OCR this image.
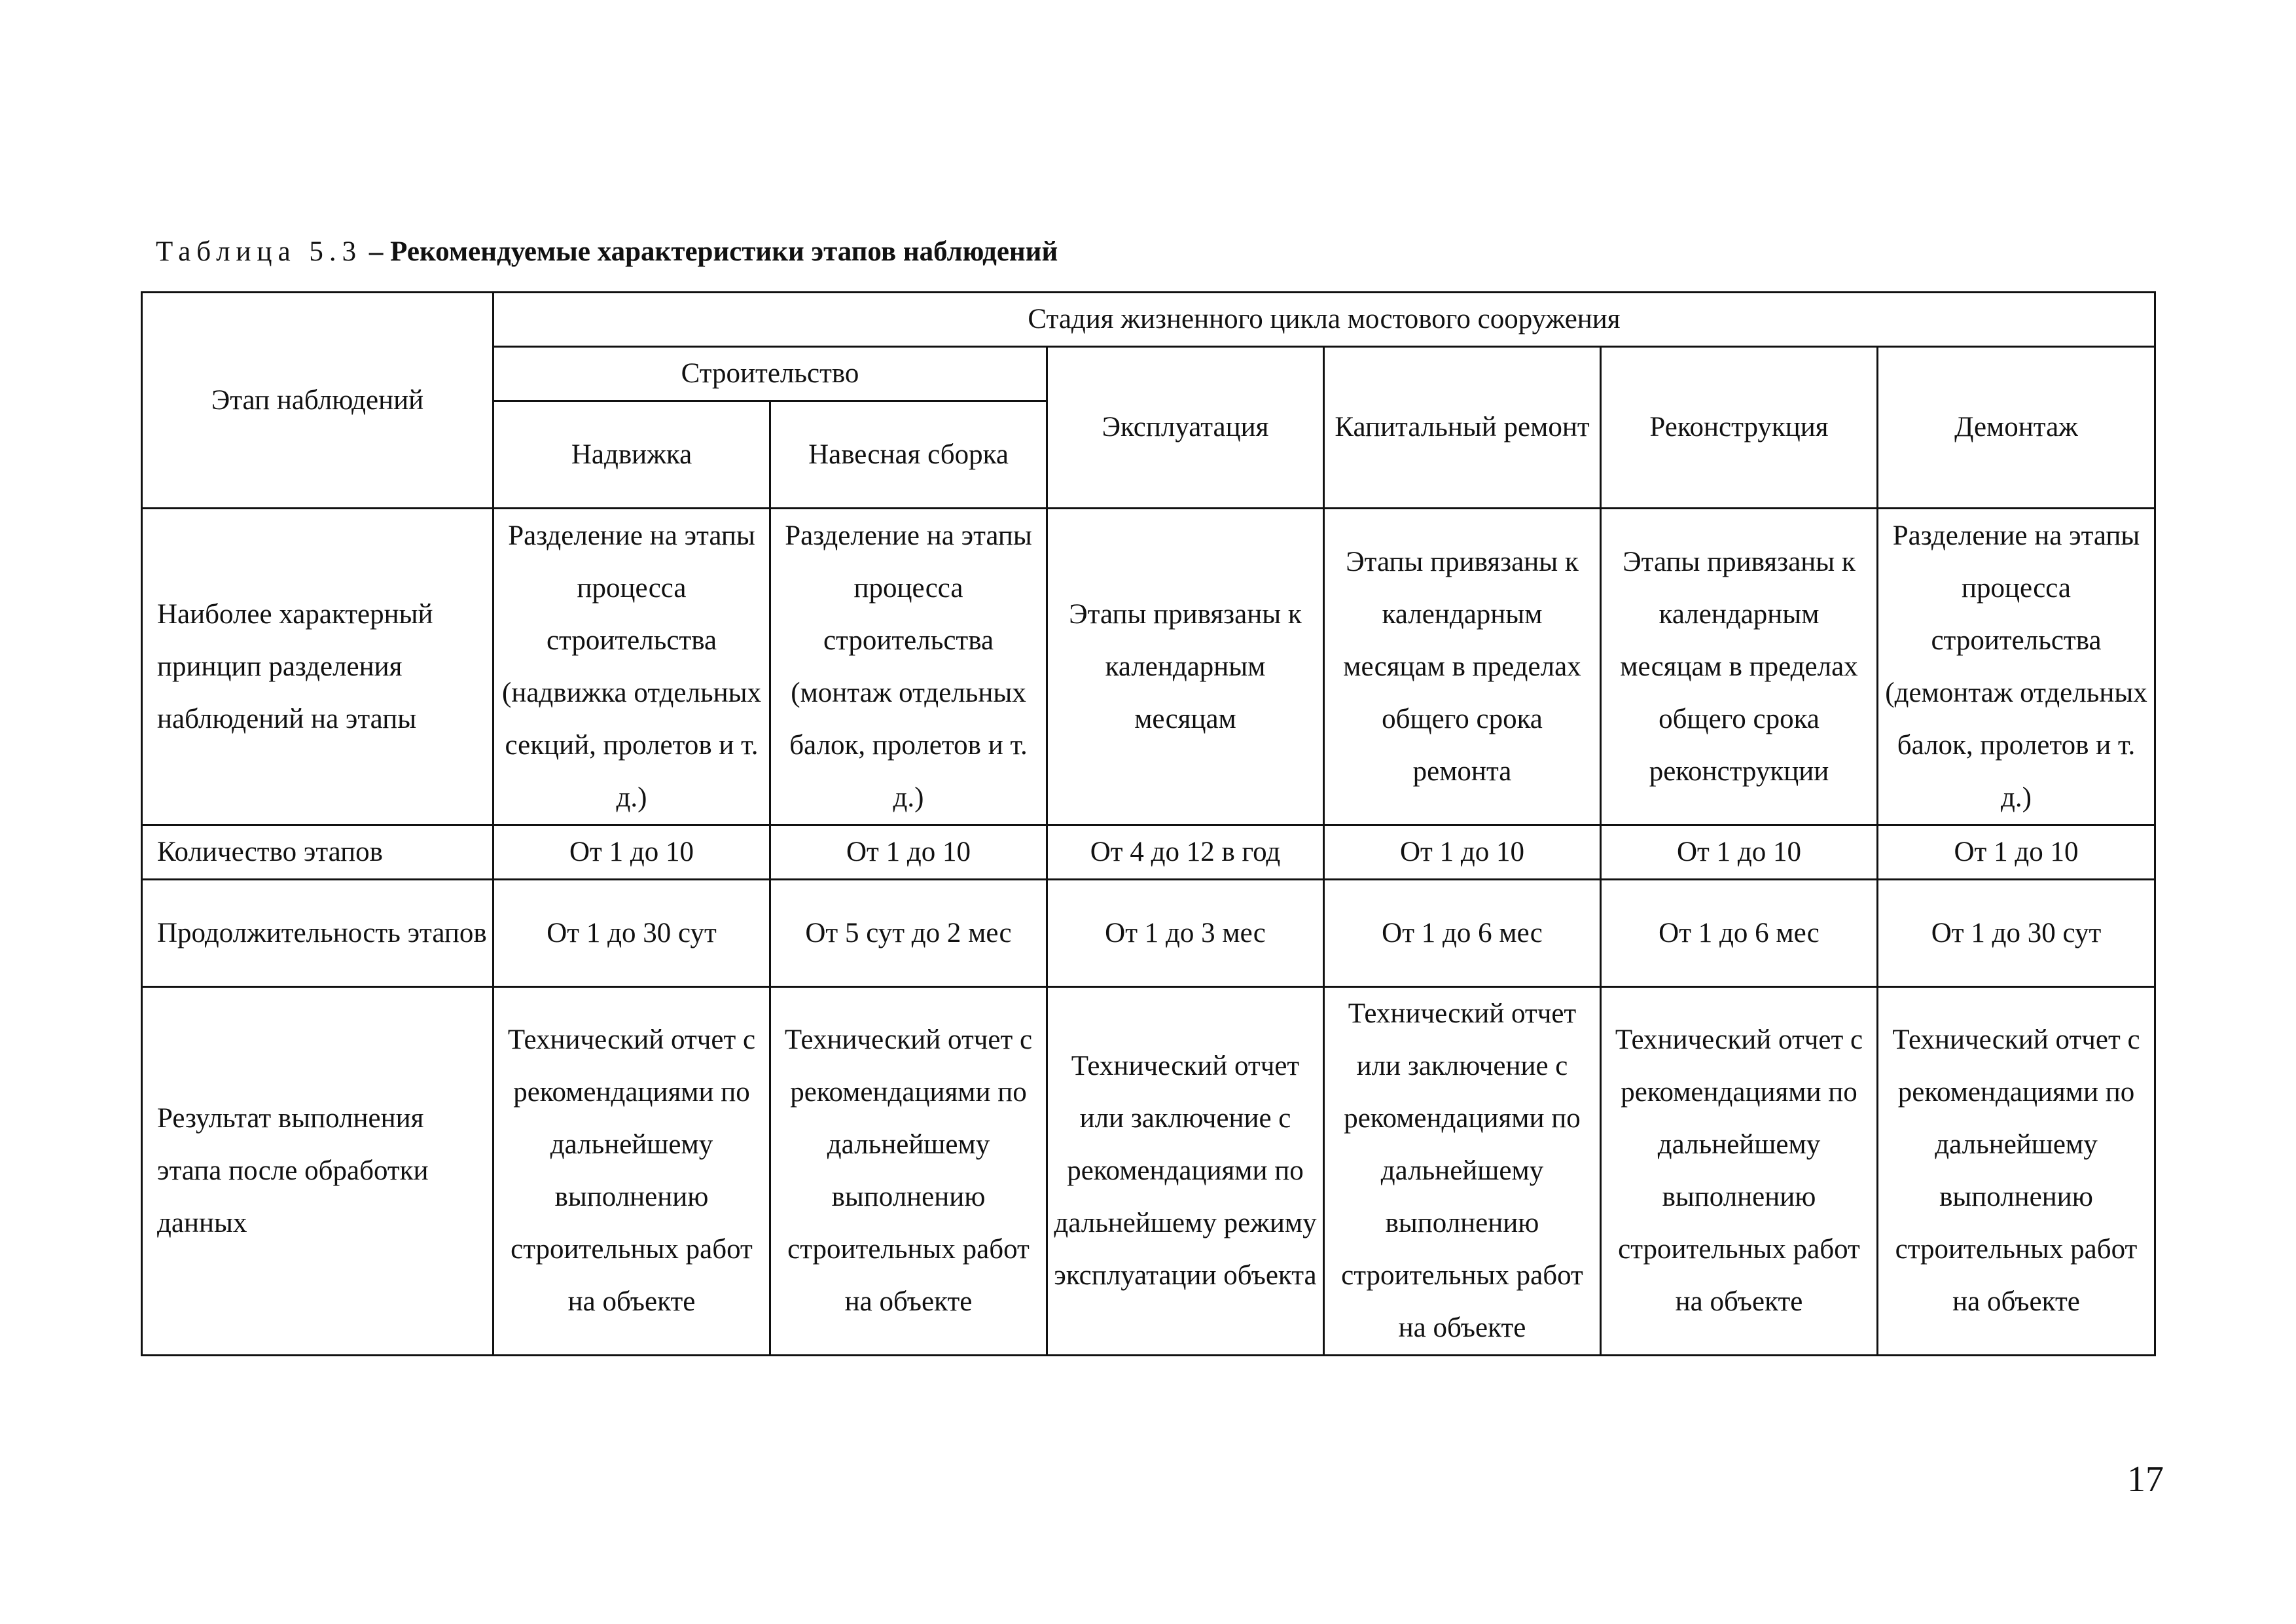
Таблица 5.3 – Рекомендуемые характеристики этапов наблюдений
Этап наблюдений	Стадия жизненного цикла мостового сооружения					
	Строительство		Эксплуатация	Капитальный ремонт	Реконструкция	Демонтаж
	Надвижка	Навесная сборка				
Наиболее характерный принцип разделения наблюдений на этапы	Разделение на этапы процесса строительства (надвижка отдельных секций, пролетов и т. д.)	Разделение на этапы процесса строительства (монтаж отдельных балок, пролетов и т. д.)	Этапы привязаны к календарным месяцам	Этапы привязаны к календарным месяцам в пределах общего срока ремонта	Этапы привязаны к календарным месяцам в пределах общего срока реконструкции	Разделение на этапы процесса строительства (демонтаж отдельных балок, пролетов и т. д.)
Количество этапов	От 1 до 10	От 1 до 10	От 4 до 12 в год	От 1 до 10	От 1 до 10	От 1 до 10
Продолжительность этапов	От 1 до 30 сут	От 5 сут до 2 мес	От 1 до 3 мес	От 1 до 6 мес	От 1 до 6 мес	От 1 до 30 сут
Результат выполнения этапа после обработки данных	Технический отчет с рекомендациями по дальнейшему выполнению строительных работ на объекте	Технический отчет с рекомендациями по дальнейшему выполнению строительных работ на объекте	Технический отчет или заключение с рекомендациями по дальнейшему режиму эксплуатации объекта	Технический отчет или заключение с рекомендациями по дальнейшему выполнению строительных работ на объекте	Технический отчет с рекомендациями по дальнейшему выполнению строительных работ на объекте	Технический отчет с рекомендациями по дальнейшему выполнению строительных работ на объекте
17
